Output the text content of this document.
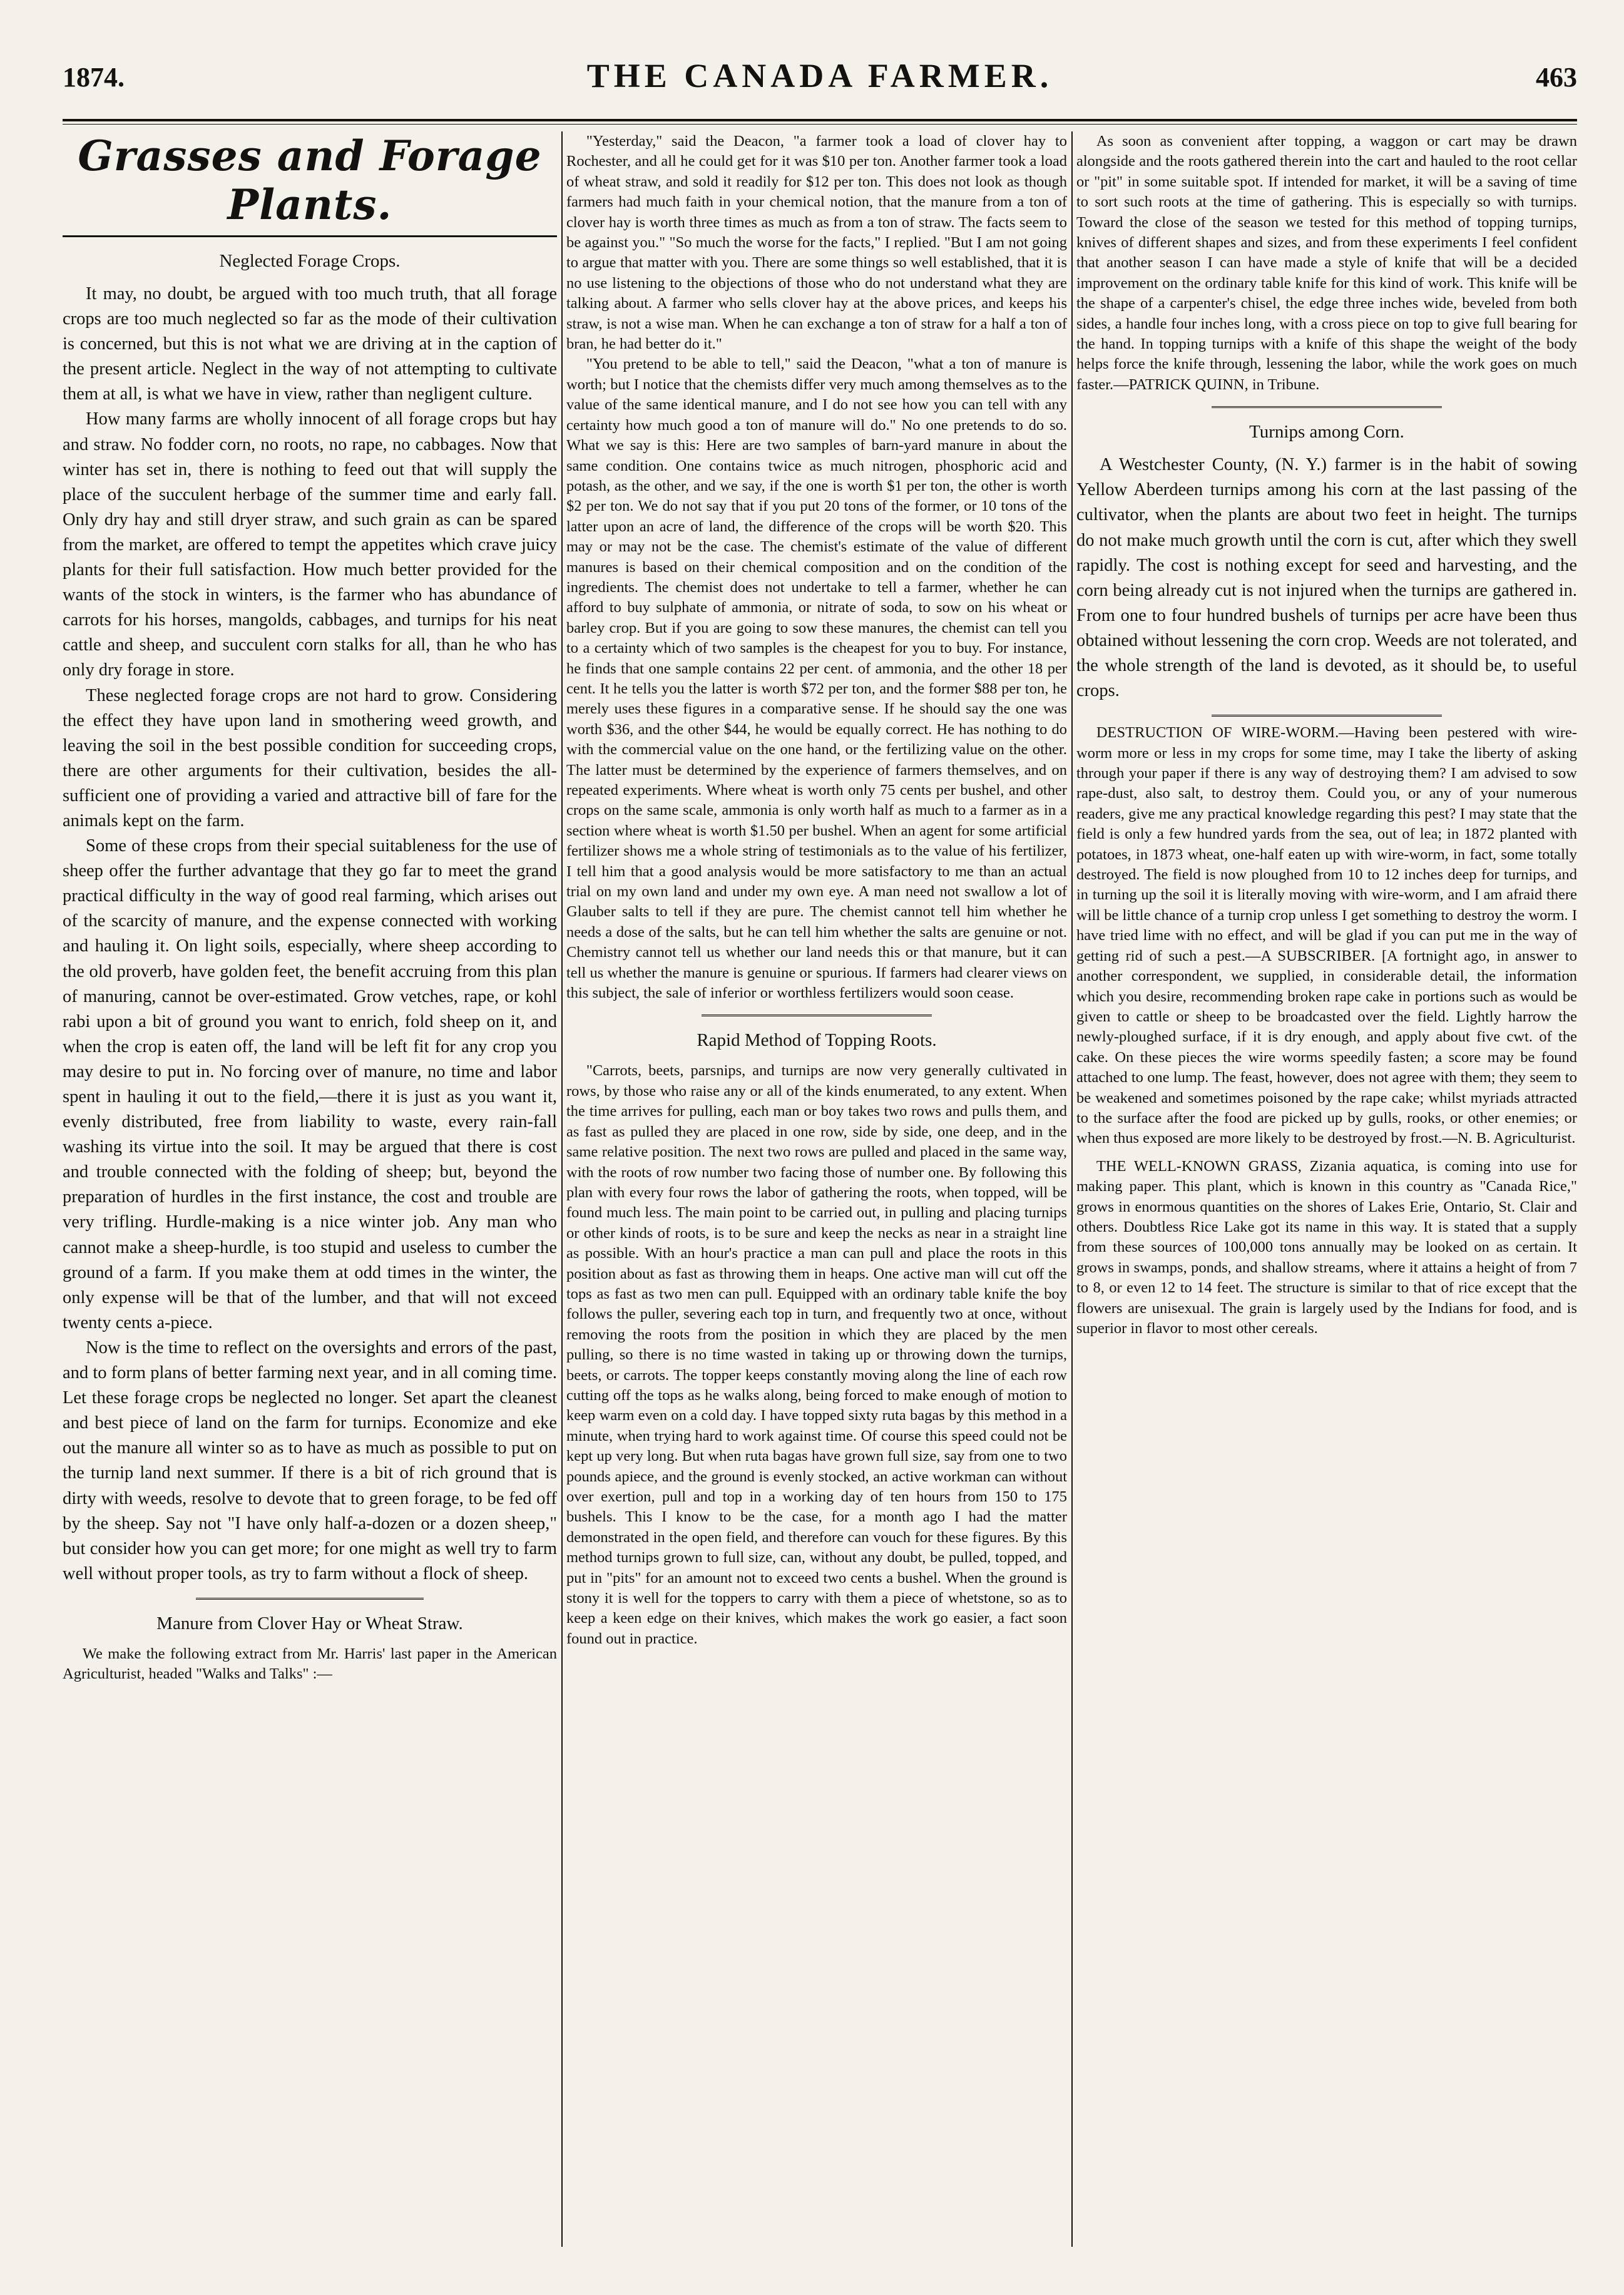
1874.	THE CANADA FARMER.	463
Grasses and Forage Plants.
Neglected Forage Crops.

It may, no doubt, be argued with too much truth, that all forage crops are too much neglected so far as the mode of their cultivation is concerned, but this is not what we are driving at in the caption of the present article. Neglect in the way of not attempting to cultivate them at all, is what we have in view, rather than negligent culture.

How many farms are wholly innocent of all forage crops but hay and straw. No fodder corn, no roots, no rape, no cabbages. Now that winter has set in, there is nothing to feed out that will supply the place of the succulent herbage of the summer time and early fall. Only dry hay and still dryer straw, and such grain as can be spared from the market, are offered to tempt the appetites which crave juicy plants for their full satisfaction. How much better provided for the wants of the stock in winters, is the farmer who has abundance of carrots for his horses, mangolds, cabbages, and turnips for his neat cattle and sheep, and succulent corn stalks for all, than he who has only dry forage in store.

These neglected forage crops are not hard to grow. Considering the effect they have upon land in smothering weed growth, and leaving the soil in the best possible condition for succeeding crops, there are other arguments for their cultivation, besides the all-sufficient one of providing a varied and attractive bill of fare for the animals kept on the farm.

Some of these crops from their special suitableness for the use of sheep offer the further advantage that they go far to meet the grand practical difficulty in the way of good real farming, which arises out of the scarcity of manure, and the expense connected with working and hauling it. On light soils, especially, where sheep according to the old proverb, have golden feet, the benefit accruing from this plan of manuring, cannot be over-estimated. Grow vetches, rape, or kohl rabi upon a bit of ground you want to enrich, fold sheep on it, and when the crop is eaten off, the land will be left fit for any crop you may desire to put in. No forcing over of manure, no time and labor spent in hauling it out to the field,—there it is just as you want it, evenly distributed, free from liability to waste, every rain-fall washing its virtue into the soil. It may be argued that there is cost and trouble connected with the folding of sheep; but, beyond the preparation of hurdles in the first instance, the cost and trouble are very trifling. Hurdle-making is a nice winter job. Any man who cannot make a sheep-hurdle, is too stupid and useless to cumber the ground of a farm. If you make them at odd times in the winter, the only expense will be that of the lumber, and that will not exceed twenty cents a-piece.

Now is the time to reflect on the oversights and errors of the past, and to form plans of better farming next year, and in all coming time. Let these forage crops be neglected no longer. Set apart the cleanest and best piece of land on the farm for turnips. Economize and eke out the manure all winter so as to have as much as possible to put on the turnip land next summer. If there is a bit of rich ground that is dirty with weeds, resolve to devote that to green forage, to be fed off by the sheep. Say not "I have only half-a-dozen or a dozen sheep," but consider how you can get more; for one might as well try to farm well without proper tools, as try to farm without a flock of sheep.

Manure from Clover Hay or Wheat Straw.

We make the following extract from Mr. Harris' last paper in the American Agriculturist, headed "Walks and Talks" :—

"Yesterday," said the Deacon, "a farmer took a load of clover hay to Rochester, and all he could get for it was $10 per ton. Another farmer took a load of wheat straw, and sold it readily for $12 per ton. This does not look as though farmers had much faith in your chemical notion, that the manure from a ton of clover hay is worth three times as much as from a ton of straw. The facts seem to be against you." "So much the worse for the facts," I replied. "But I am not going to argue that matter with you. There are some things so well established, that it is no use listening to the objections of those who do not understand what they are talking about. A farmer who sells clover hay at the above prices, and keeps his straw, is not a wise man. When he can exchange a ton of straw for a half a ton of bran, he had better do it."

"You pretend to be able to tell," said the Deacon, "what a ton of manure is worth; but I notice that the chemists differ very much among themselves as to the value of the same identical manure, and I do not see how you can tell with any certainty how much good a ton of manure will do." No one pretends to do so. What we say is this: Here are two samples of barn-yard manure in about the same condition. One contains twice as much nitrogen, phosphoric acid and potash, as the other, and we say, if the one is worth $1 per ton, the other is worth $2 per ton. We do not say that if you put 20 tons of the former, or 10 tons of the latter upon an acre of land, the difference of the crops will be worth $20. This may or may not be the case. The chemist's estimate of the value of different manures is based on their chemical composition and on the condition of the ingredients. The chemist does not undertake to tell a farmer, whether he can afford to buy sulphate of ammonia, or nitrate of soda, to sow on his wheat or barley crop. But if you are going to sow these manures, the chemist can tell you to a certainty which of two samples is the cheapest for you to buy. For instance, he finds that one sample contains 22 per cent. of ammonia, and the other 18 per cent. It he tells you the latter is worth $72 per ton, and the former $88 per ton, he merely uses these figures in a comparative sense. If he should say the one was worth $36, and the other $44, he would be equally correct. He has nothing to do with the commercial value on the one hand, or the fertilizing value on the other. The latter must be determined by the experience of farmers themselves, and on repeated experiments. Where wheat is worth only 75 cents per bushel, and other crops on the same scale, ammonia is only worth half as much to a farmer as in a section where wheat is worth $1.50 per bushel. When an agent for some artificial fertilizer shows me a whole string of testimonials as to the value of his fertilizer, I tell him that a good analysis would be more satisfactory to me than an actual trial on my own land and under my own eye. A man need not swallow a lot of Glauber salts to tell if they are pure. The chemist cannot tell him whether he needs a dose of the salts, but he can tell him whether the salts are genuine or not. Chemistry cannot tell us whether our land needs this or that manure, but it can tell us whether the manure is genuine or spurious. If farmers had clearer views on this subject, the sale of inferior or worthless fertilizers would soon cease.

Rapid Method of Topping Roots.

"Carrots, beets, parsnips, and turnips are now very generally cultivated in rows, by those who raise any or all of the kinds enumerated, to any extent. When the time arrives for pulling, each man or boy takes two rows and pulls them, and as fast as pulled they are placed in one row, side by side, one deep, and in the same relative position. The next two rows are pulled and placed in the same way, with the roots of row number two facing those of number one. By following this plan with every four rows the labor of gathering the roots, when topped, will be found much less. The main point to be carried out, in pulling and placing turnips or other kinds of roots, is to be sure and keep the necks as near in a straight line as possible. With an hour's practice a man can pull and place the roots in this position about as fast as throwing them in heaps. One active man will cut off the tops as fast as two men can pull. Equipped with an ordinary table knife the boy follows the puller, severing each top in turn, and frequently two at once, without removing the roots from the position in which they are placed by the men pulling, so there is no time wasted in taking up or throwing down the turnips, beets, or carrots. The topper keeps constantly moving along the line of each row cutting off the tops as he walks along, being forced to make enough of motion to keep warm even on a cold day. I have topped sixty ruta bagas by this method in a minute, when trying hard to work against time. Of course this speed could not be kept up very long. But when ruta bagas have grown full size, say from one to two pounds apiece, and the ground is evenly stocked, an active workman can without over exertion, pull and top in a working day of ten hours from 150 to 175 bushels. This I know to be the case, for a month ago I had the matter demonstrated in the open field, and therefore can vouch for these figures. By this method turnips grown to full size, can, without any doubt, be pulled, topped, and put in "pits" for an amount not to exceed two cents a bushel. When the ground is stony it is well for the toppers to carry with them a piece of whetstone, so as to keep a keen edge on their knives, which makes the work go easier, a fact soon found out in practice.

As soon as convenient after topping, a waggon or cart may be drawn alongside and the roots gathered therein into the cart and hauled to the root cellar or "pit" in some suitable spot. If intended for market, it will be a saving of time to sort such roots at the time of gathering. This is especially so with turnips. Toward the close of the season we tested for this method of topping turnips, knives of different shapes and sizes, and from these experiments I feel confident that another season I can have made a style of knife that will be a decided improvement on the ordinary table knife for this kind of work. This knife will be the shape of a carpenter's chisel, the edge three inches wide, beveled from both sides, a handle four inches long, with a cross piece on top to give full bearing for the hand. In topping turnips with a knife of this shape the weight of the body helps force the knife through, lessening the labor, while the work goes on much faster.—PATRICK QUINN, in Tribune.

Turnips among Corn.

A Westchester County, (N. Y.) farmer is in the habit of sowing Yellow Aberdeen turnips among his corn at the last passing of the cultivator, when the plants are about two feet in height. The turnips do not make much growth until the corn is cut, after which they swell rapidly. The cost is nothing except for seed and harvesting, and the corn being already cut is not injured when the turnips are gathered in. From one to four hundred bushels of turnips per acre have been thus obtained without lessening the corn crop. Weeds are not tolerated, and the whole strength of the land is devoted, as it should be, to useful crops.

DESTRUCTION OF WIRE-WORM.—Having been pestered with wire-worm more or less in my crops for some time, may I take the liberty of asking through your paper if there is any way of destroying them? I am advised to sow rape-dust, also salt, to destroy them. Could you, or any of your numerous readers, give me any practical knowledge regarding this pest? I may state that the field is only a few hundred yards from the sea, out of lea; in 1872 planted with potatoes, in 1873 wheat, one-half eaten up with wire-worm, in fact, some totally destroyed. The field is now ploughed from 10 to 12 inches deep for turnips, and in turning up the soil it is literally moving with wire-worm, and I am afraid there will be little chance of a turnip crop unless I get something to destroy the worm. I have tried lime with no effect, and will be glad if you can put me in the way of getting rid of such a pest.—A SUBSCRIBER. [A fortnight ago, in answer to another correspondent, we supplied, in considerable detail, the information which you desire, recommending broken rape cake in portions such as would be given to cattle or sheep to be broadcasted over the field. Lightly harrow the newly-ploughed surface, if it is dry enough, and apply about five cwt. of the cake. On these pieces the wire worms speedily fasten; a score may be found attached to one lump. The feast, however, does not agree with them; they seem to be weakened and sometimes poisoned by the rape cake; whilst myriads attracted to the surface after the food are picked up by gulls, rooks, or other enemies; or when thus exposed are more likely to be destroyed by frost.—N. B. Agriculturist.

THE WELL-KNOWN GRASS, Zizania aquatica, is coming into use for making paper. This plant, which is known in this country as "Canada Rice," grows in enormous quantities on the shores of Lakes Erie, Ontario, St. Clair and others. Doubtless Rice Lake got its name in this way. It is stated that a supply from these sources of 100,000 tons annually may be looked on as certain. It grows in swamps, ponds, and shallow streams, where it attains a height of from 7 to 8, or even 12 to 14 feet. The structure is similar to that of rice except that the flowers are unisexual. The grain is largely used by the Indians for food, and is superior in flavor to most other cereals.
